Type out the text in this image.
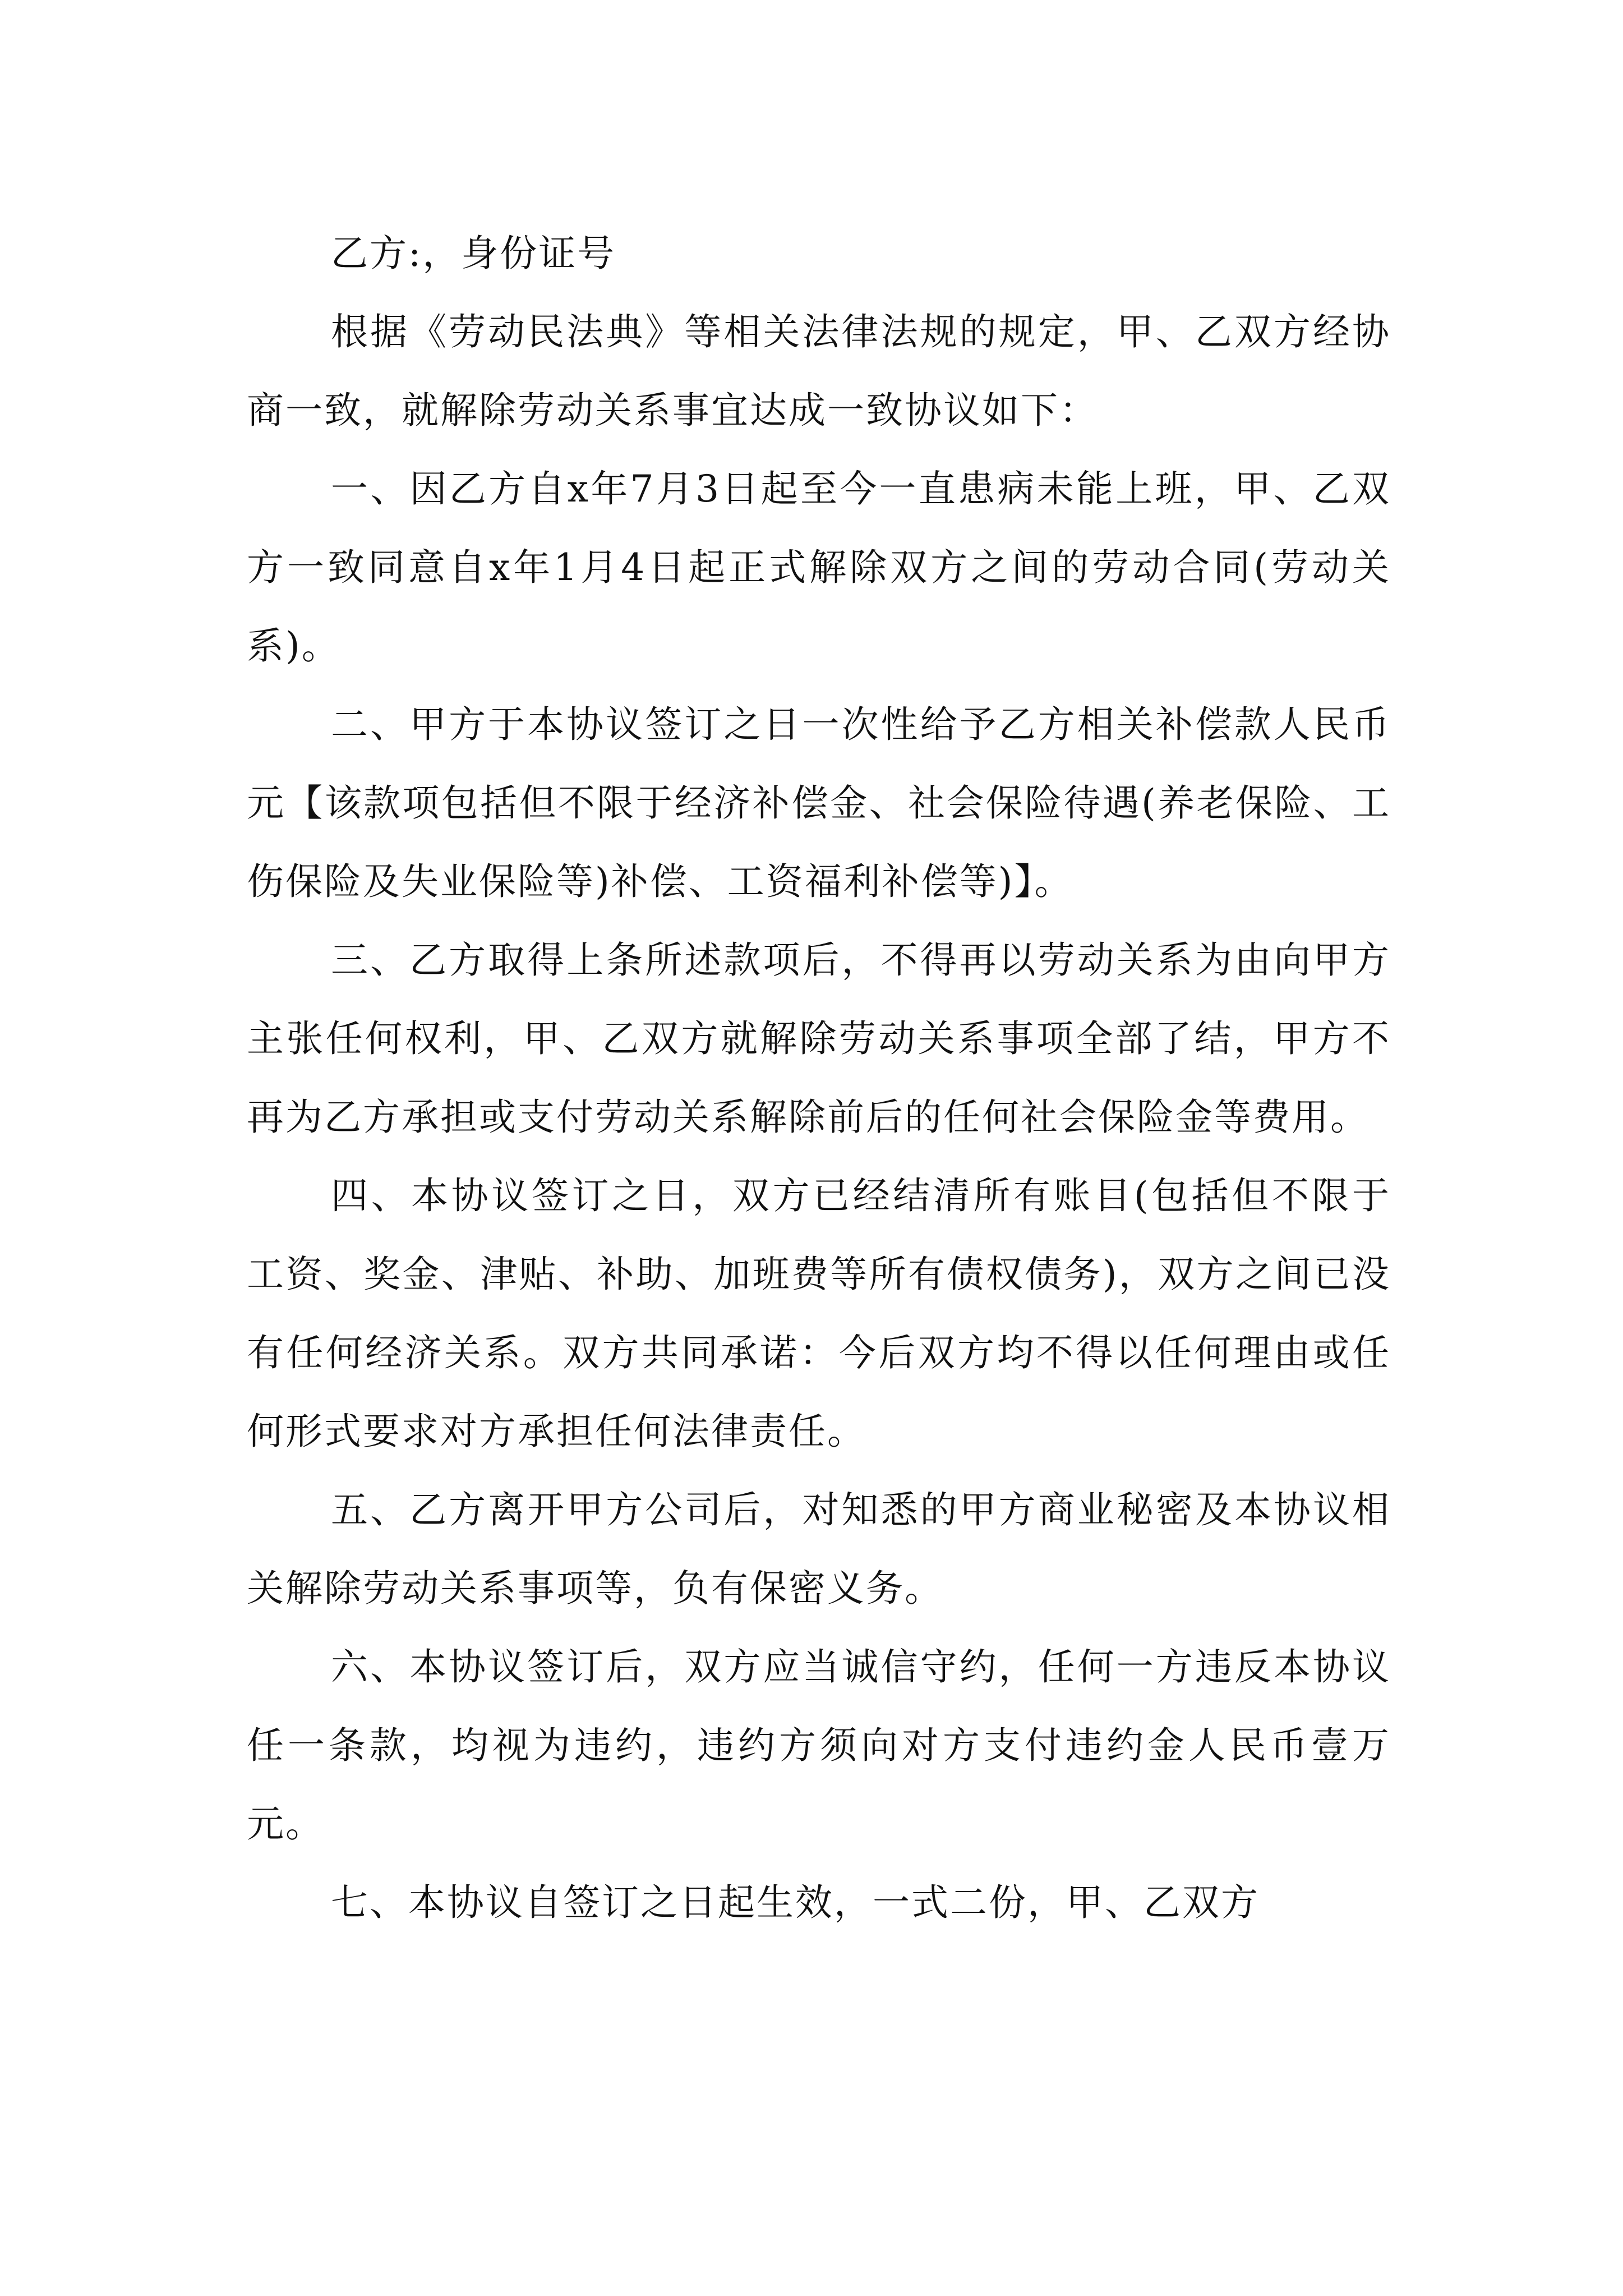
乙方:，身份证号

根据《劳动民法典》等相关法律法规的规定，甲、乙双方经协商一致，就解除劳动关系事宜达成一致协议如下：

一、因乙方自x年7月3日起至今一直患病未能上班，甲、乙双方一致同意自x年1月4日起正式解除双方之间的劳动合同(劳动关系)。

二、甲方于本协议签订之日一次性给予乙方相关补偿款人民币元【该款项包括但不限于经济补偿金、社会保险待遇(养老保险、工伤保险及失业保险等)补偿、工资福利补偿等)】。

三、乙方取得上条所述款项后，不得再以劳动关系为由向甲方主张任何权利，甲、乙双方就解除劳动关系事项全部了结，甲方不再为乙方承担或支付劳动关系解除前后的任何社会保险金等费用。

四、本协议签订之日，双方已经结清所有账目(包括但不限于工资、奖金、津贴、补助、加班费等所有债权债务)，双方之间已没有任何经济关系。双方共同承诺：今后双方均不得以任何理由或任何形式要求对方承担任何法律责任。

五、乙方离开甲方公司后，对知悉的甲方商业秘密及本协议相关解除劳动关系事项等，负有保密义务。

六、本协议签订后，双方应当诚信守约，任何一方违反本协议任一条款，均视为违约，违约方须向对方支付违约金人民币壹万元。

七、本协议自签订之日起生效，一式二份，甲、乙双方
